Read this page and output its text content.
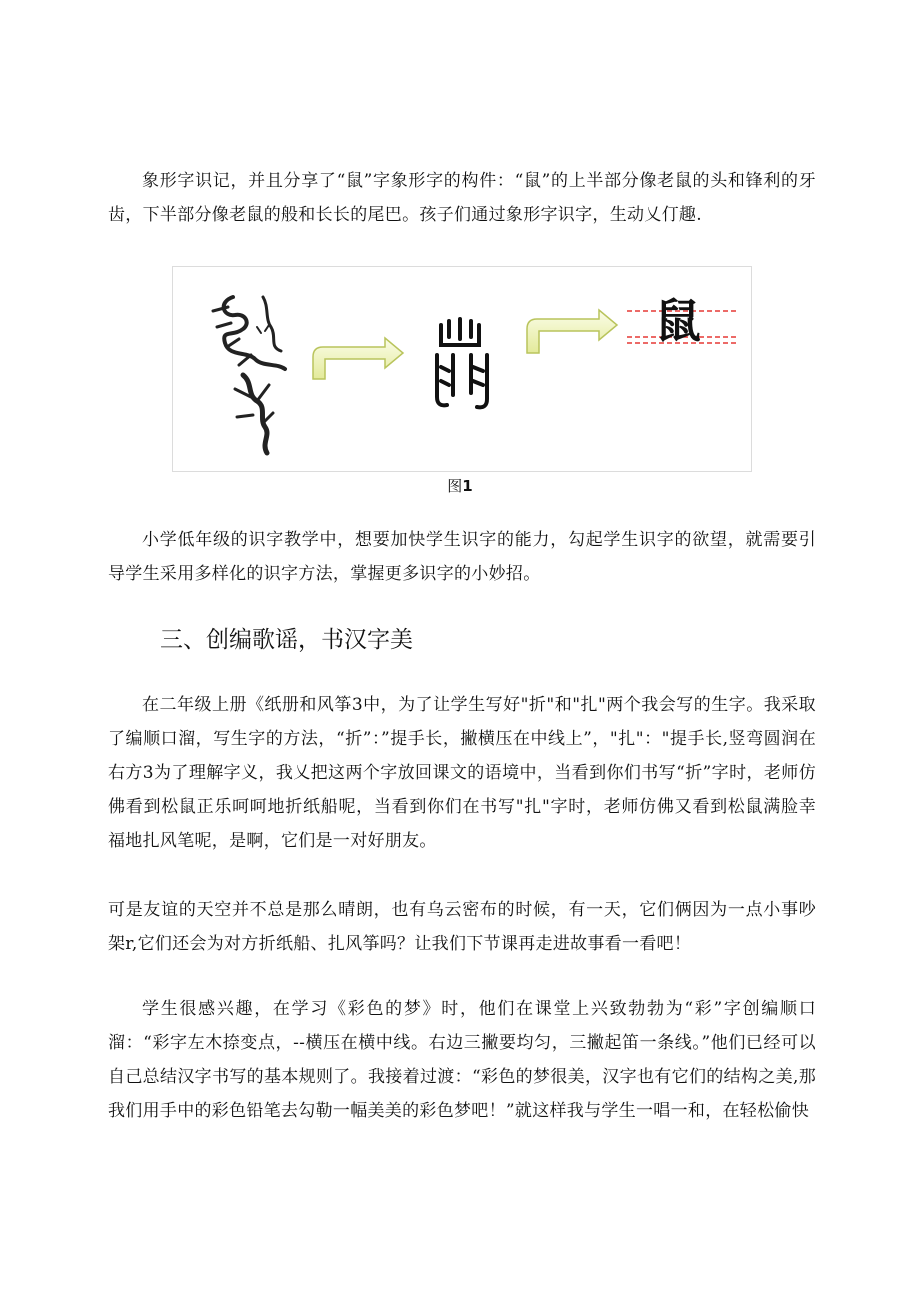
象形字识记，并且分享了“鼠”字象形字的构件：“鼠”的上半部分像老鼠的头和锋利的牙齿，下半部分像老鼠的般和长长的尾巴。孩子们通过象形字识字，生动乂仃趣.

鼠
图1

小学低年级的识字教学中，想要加快学生识字的能力，勾起学生识字的欲望，就需要引导学生采用多样化的识字方法，掌握更多识字的小妙招。

三、创编歌谣，书汉字美

在二年级上册《纸册和风筝3中，为了让学生写好"折"和"扎"两个我会写的生字。我采取了编顺口溜，写生字的方法，“折”：”提手长，撇横压在中线上”，"扎"："提手长,竖弯圆润在右方3为了理解字义，我乂把这两个字放回课文的语境中，当看到你们书写“折”字时，老师仿佛看到松鼠正乐呵呵地折纸船呢，当看到你们在书写"扎"字时，老师仿佛又看到松鼠满脸幸福地扎风笔呢，是啊，它们是一对好朋友。

可是友谊的天空并不总是那么晴朗，也有乌云密布的时候，有一天，它们俩因为一点小事吵架r,它们还会为对方折纸船、扎风筝吗？让我们下节课再走进故事看一看吧！

学生很感兴趣，在学习《彩色的梦》时，他们在课堂上兴致勃勃为“彩”字创编顺口溜：“彩字左木捺变点，--横压在横中线。右边三撇要均匀，三撇起笛一条线。”他们已经可以自己总结汉字书写的基本规则了。我接着过渡：“彩色的梦很美，汉字也有它们的结构之美,那我们用手中的彩色铅笔去勾勒一幅美美的彩色梦吧！”就这样我与学生一唱一和，在轻松偷快
